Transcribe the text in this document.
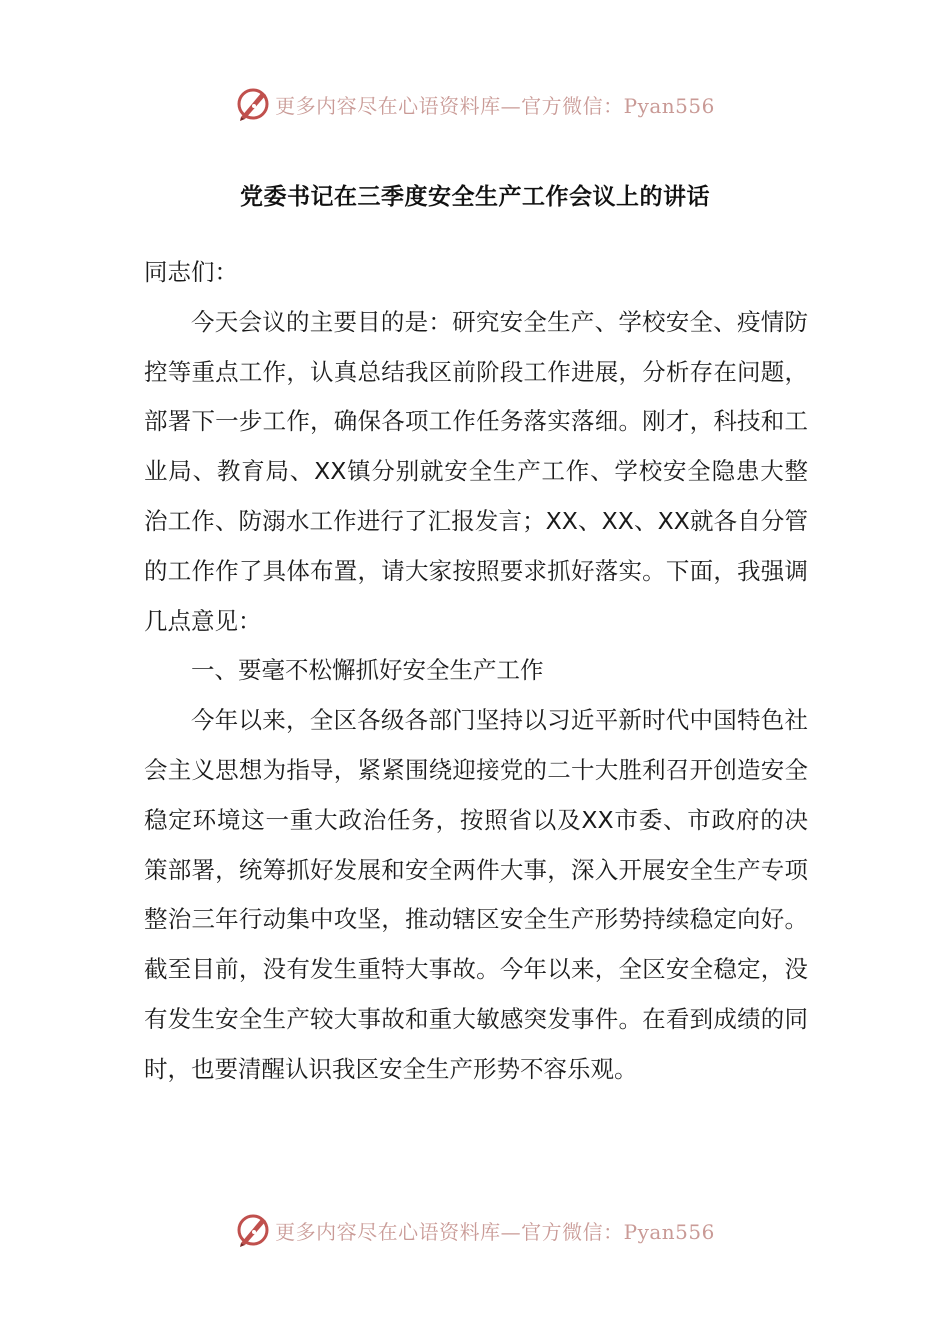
更多内容尽在心语资料库—官方微信：Pyan556
党委书记在三季度安全生产工作会议上的讲话

同志们：

今天会议的主要目的是：研究安全生产、学校安全、疫情防控等重点工作，认真总结我区前阶段工作进展，分析存在问题，部署下一步工作，确保各项工作任务落实落细。刚才，科技和工业局、教育局、XX镇分别就安全生产工作、学校安全隐患大整治工作、防溺水工作进行了汇报发言；XX、XX、XX就各自分管的工作作了具体布置，请大家按照要求抓好落实。下面，我强调几点意见：

一、要毫不松懈抓好安全生产工作

今年以来，全区各级各部门坚持以习近平新时代中国特色社会主义思想为指导，紧紧围绕迎接党的二十大胜利召开创造安全稳定环境这一重大政治任务，按照省以及XX市委、市政府的决策部署，统筹抓好发展和安全两件大事，深入开展安全生产专项整治三年行动集中攻坚，推动辖区安全生产形势持续稳定向好。截至目前，没有发生重特大事故。今年以来，全区安全稳定，没有发生安全生产较大事故和重大敏感突发事件。在看到成绩的同时，也要清醒认识我区安全生产形势不容乐观。

更多内容尽在心语资料库—官方微信：Pyan556
